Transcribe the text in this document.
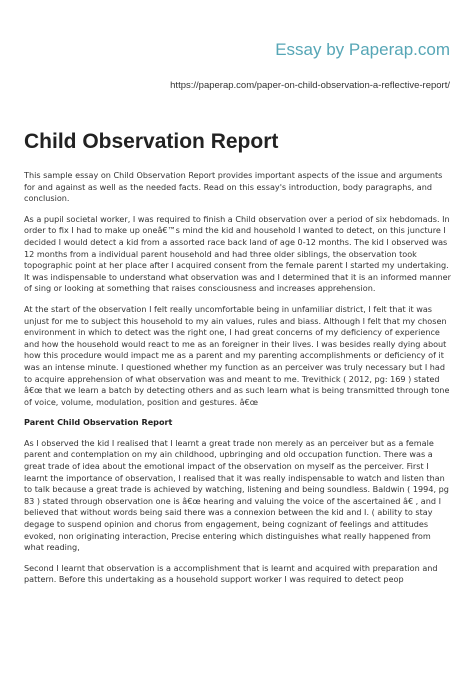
Essay by Paperap.com
https://paperap.com/paper-on-child-observation-a-reflective-report/
Child Observation Report

This sample essay on Child Observation Report provides important aspects of the issue and arguments for and against as well as the needed facts. Read on this essay's introduction, body paragraphs, and conclusion.

As a pupil societal worker, I was required to finish a Child observation over a period of six hebdomads. In order to fix I had to make up oneâ€™s mind the kid and household I wanted to detect, on this juncture I decided I would detect a kid from a assorted race back land of age 0-12 months. The kid I observed was 12 months from a individual parent household and had three older siblings, the observation took topographic point at her place after I acquired consent from the female parent I started my undertaking. It was indispensable to understand what observation was and I determined that it is an informed manner of sing or looking at something that raises consciousness and increases apprehension.

At the start of the observation I felt really uncomfortable being in unfamiliar district, I felt that it was unjust for me to subject this household to my ain values, rules and biass. Although I felt that my chosen environment in which to detect was the right one, I had great concerns of my deficiency of experience and how the household would react to me as an foreigner in their lives. I was besides really dying about how this procedure would impact me as a parent and my parenting accomplishments or deficiency of it was an intense minute. I questioned whether my function as an perceiver was truly necessary but I had to acquire apprehension of what observation was and meant to me. Trevithick ( 2012, pg: 169 ) stated â€œ that we learn a batch by detecting others and as such learn what is being transmitted through tone of voice, volume, modulation, position and gestures. â€œ

Parent Child Observation Report

As I observed the kid I realised that I learnt a great trade non merely as an perceiver but as a female parent and contemplation on my ain childhood, upbringing and old occupation function. There was a great trade of idea about the emotional impact of the observation on myself as the perceiver. First I learnt the importance of observation, I realised that it was really indispensable to watch and listen than to talk because a great trade is achieved by watching, listening and being soundless. Baldwin ( 1994, pg 83 ) stated through observation one is â€œ hearing and valuing the voice of the ascertained â€ , and I believed that without words being said there was a connexion between the kid and I. ( ability to stay degage to suspend opinion and chorus from engagement, being cognizant of feelings and attitudes evoked, non originating interaction, Precise entering which distinguishes what really happened from what reading,

Second I learnt that observation is a accomplishment that is learnt and acquired with preparation and pattern. Before this undertaking as a household support worker I was required to detect peop
